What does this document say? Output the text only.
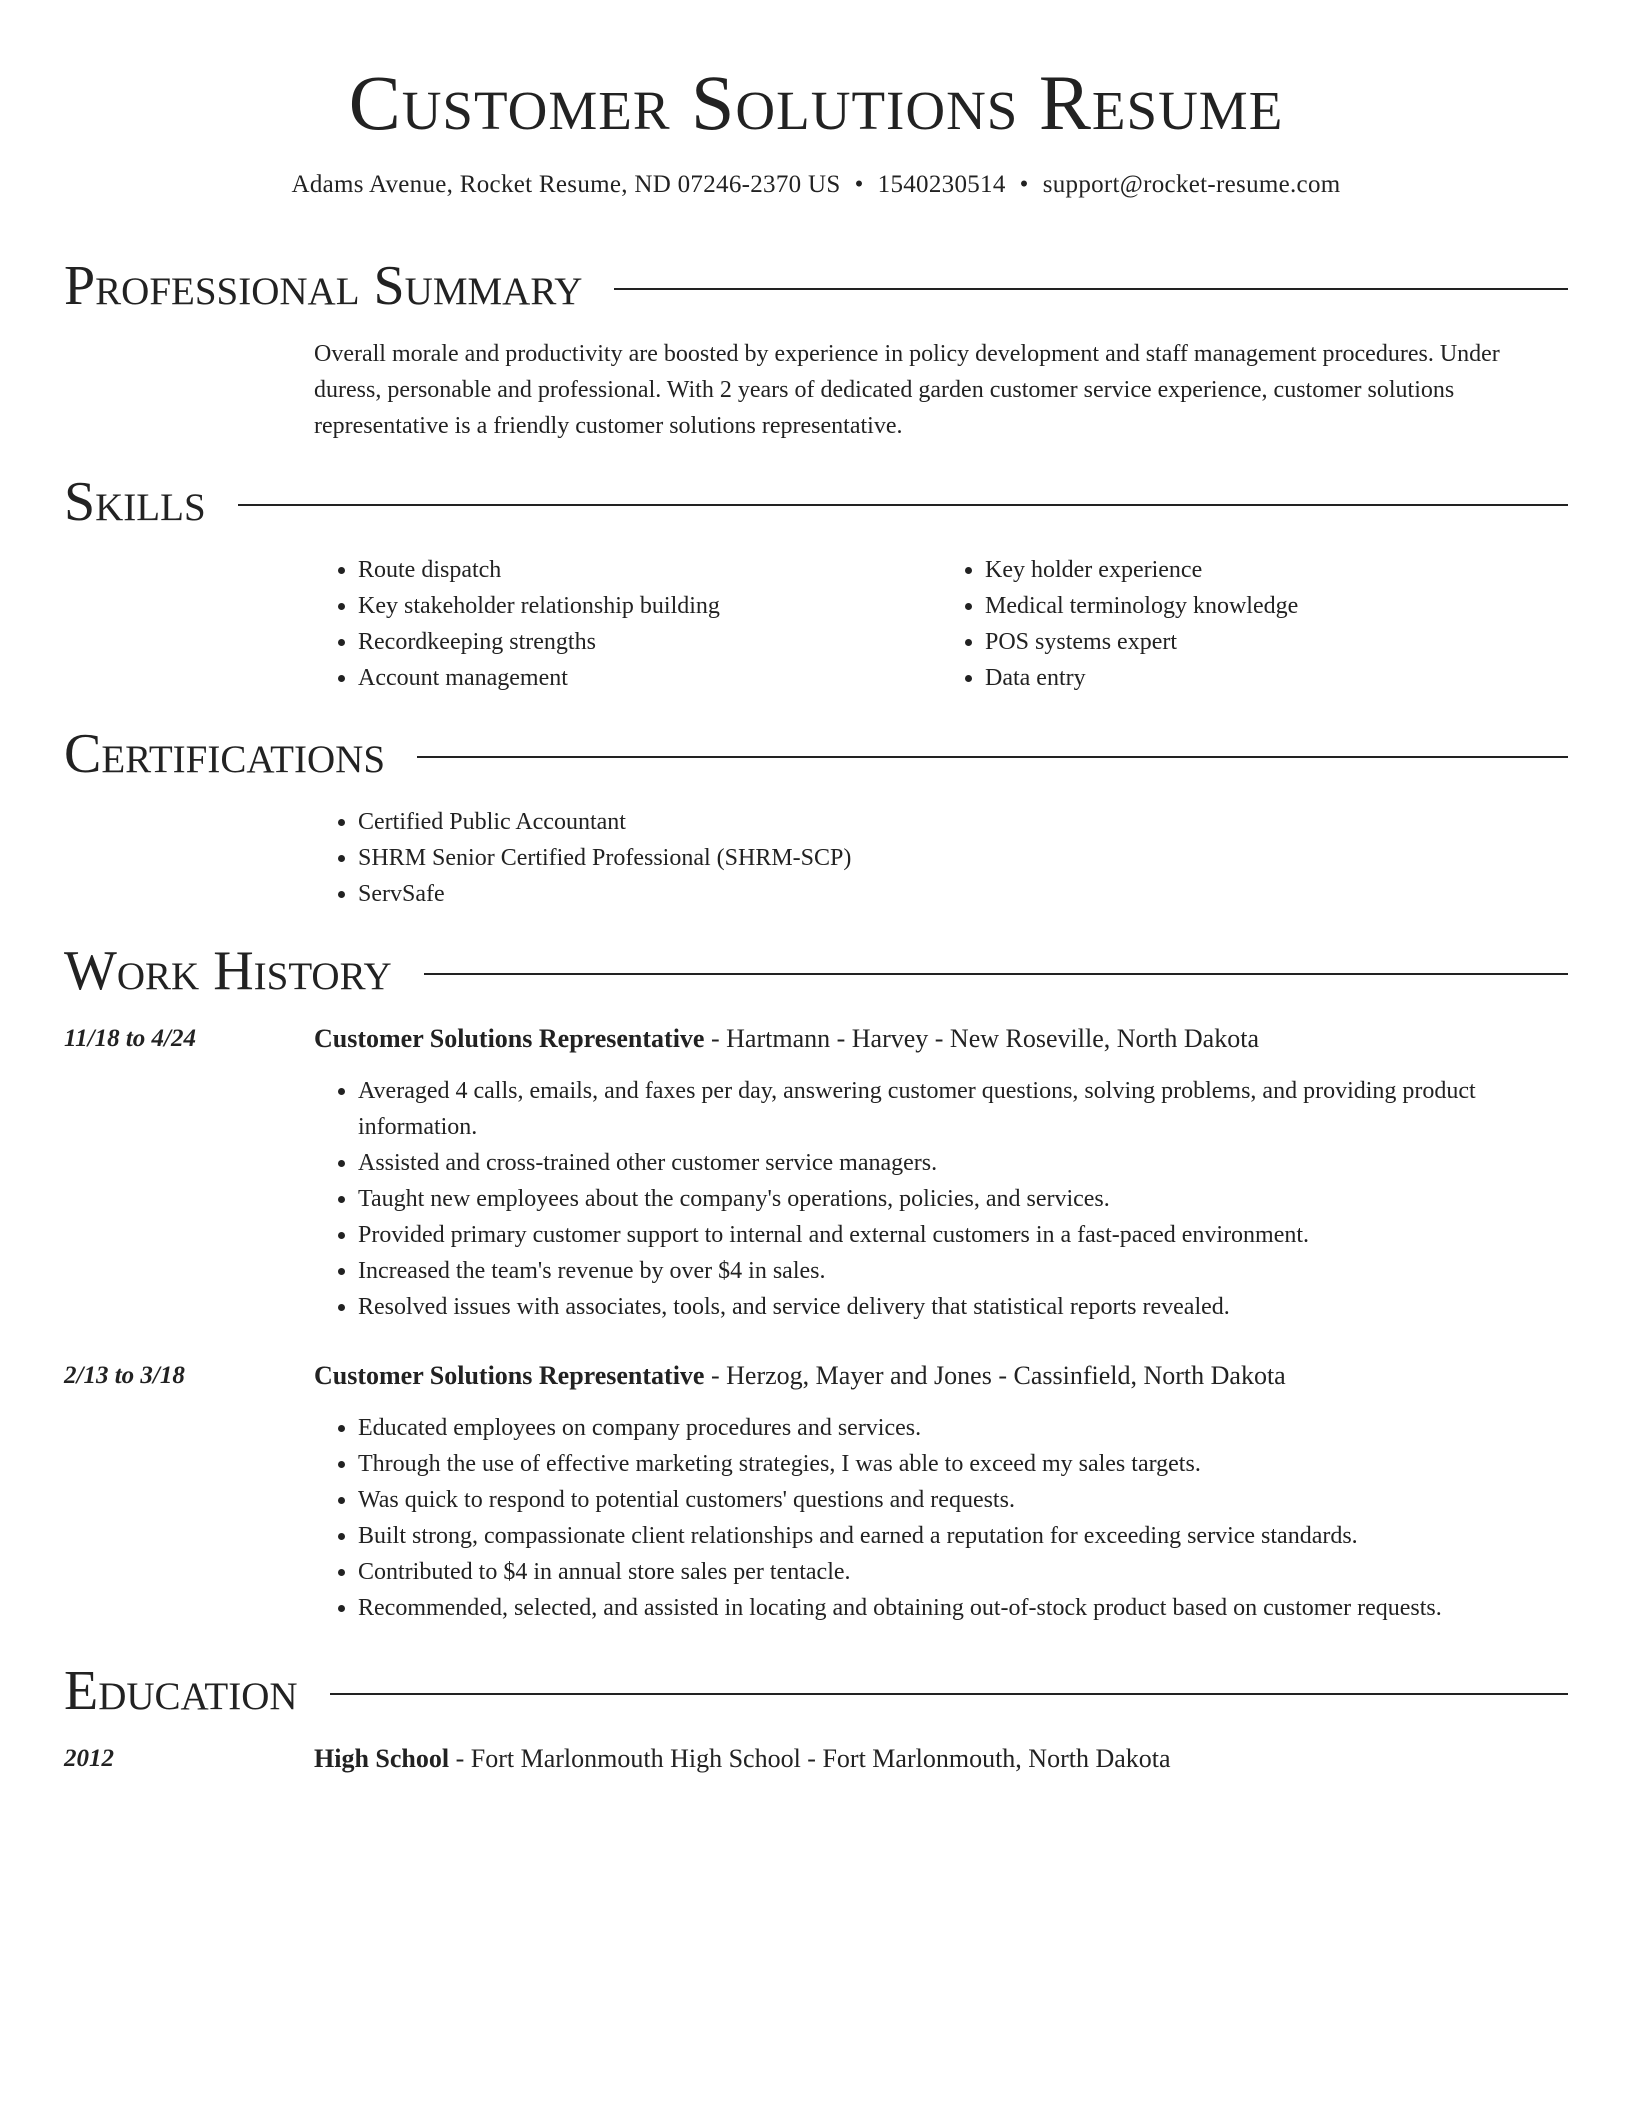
Customer Solutions Resume
Adams Avenue, Rocket Resume, ND 07246-2370 US • 1540230514 • support@rocket-resume.com
Professional Summary

Overall morale and productivity are boosted by experience in policy development and staff management procedures. Under duress, personable and professional. With 2 years of dedicated garden customer service experience, customer solutions representative is a friendly customer solutions representative.

Skills
• Route dispatch
• Key stakeholder relationship building
• Recordkeeping strengths
• Account management
• Key holder experience
• Medical terminology knowledge
• POS systems expert
• Data entry
Certifications
• Certified Public Accountant
• SHRM Senior Certified Professional (SHRM-SCP)
• ServSafe
Work History
11/18 to 4/24	Customer Solutions Representative - Hartmann - Harvey - New Roseville, North Dakota

• Averaged 4 calls, emails, and faxes per day, answering customer questions, solving problems, and providing product information.
• Assisted and cross-trained other customer service managers.
• Taught new employees about the company's operations, policies, and services.
• Provided primary customer support to internal and external customers in a fast-paced environment.
• Increased the team's revenue by over $4 in sales.
• Resolved issues with associates, tools, and service delivery that statistical reports revealed.
2/13 to 3/18	Customer Solutions Representative - Herzog, Mayer and Jones - Cassinfield, North Dakota

• Educated employees on company procedures and services.
• Through the use of effective marketing strategies, I was able to exceed my sales targets.
• Was quick to respond to potential customers' questions and requests.
• Built strong, compassionate client relationships and earned a reputation for exceeding service standards.
• Contributed to $4 in annual store sales per tentacle.
• Recommended, selected, and assisted in locating and obtaining out-of-stock product based on customer requests.
Education
2012	High School - Fort Marlonmouth High School - Fort Marlonmouth, North Dakota
